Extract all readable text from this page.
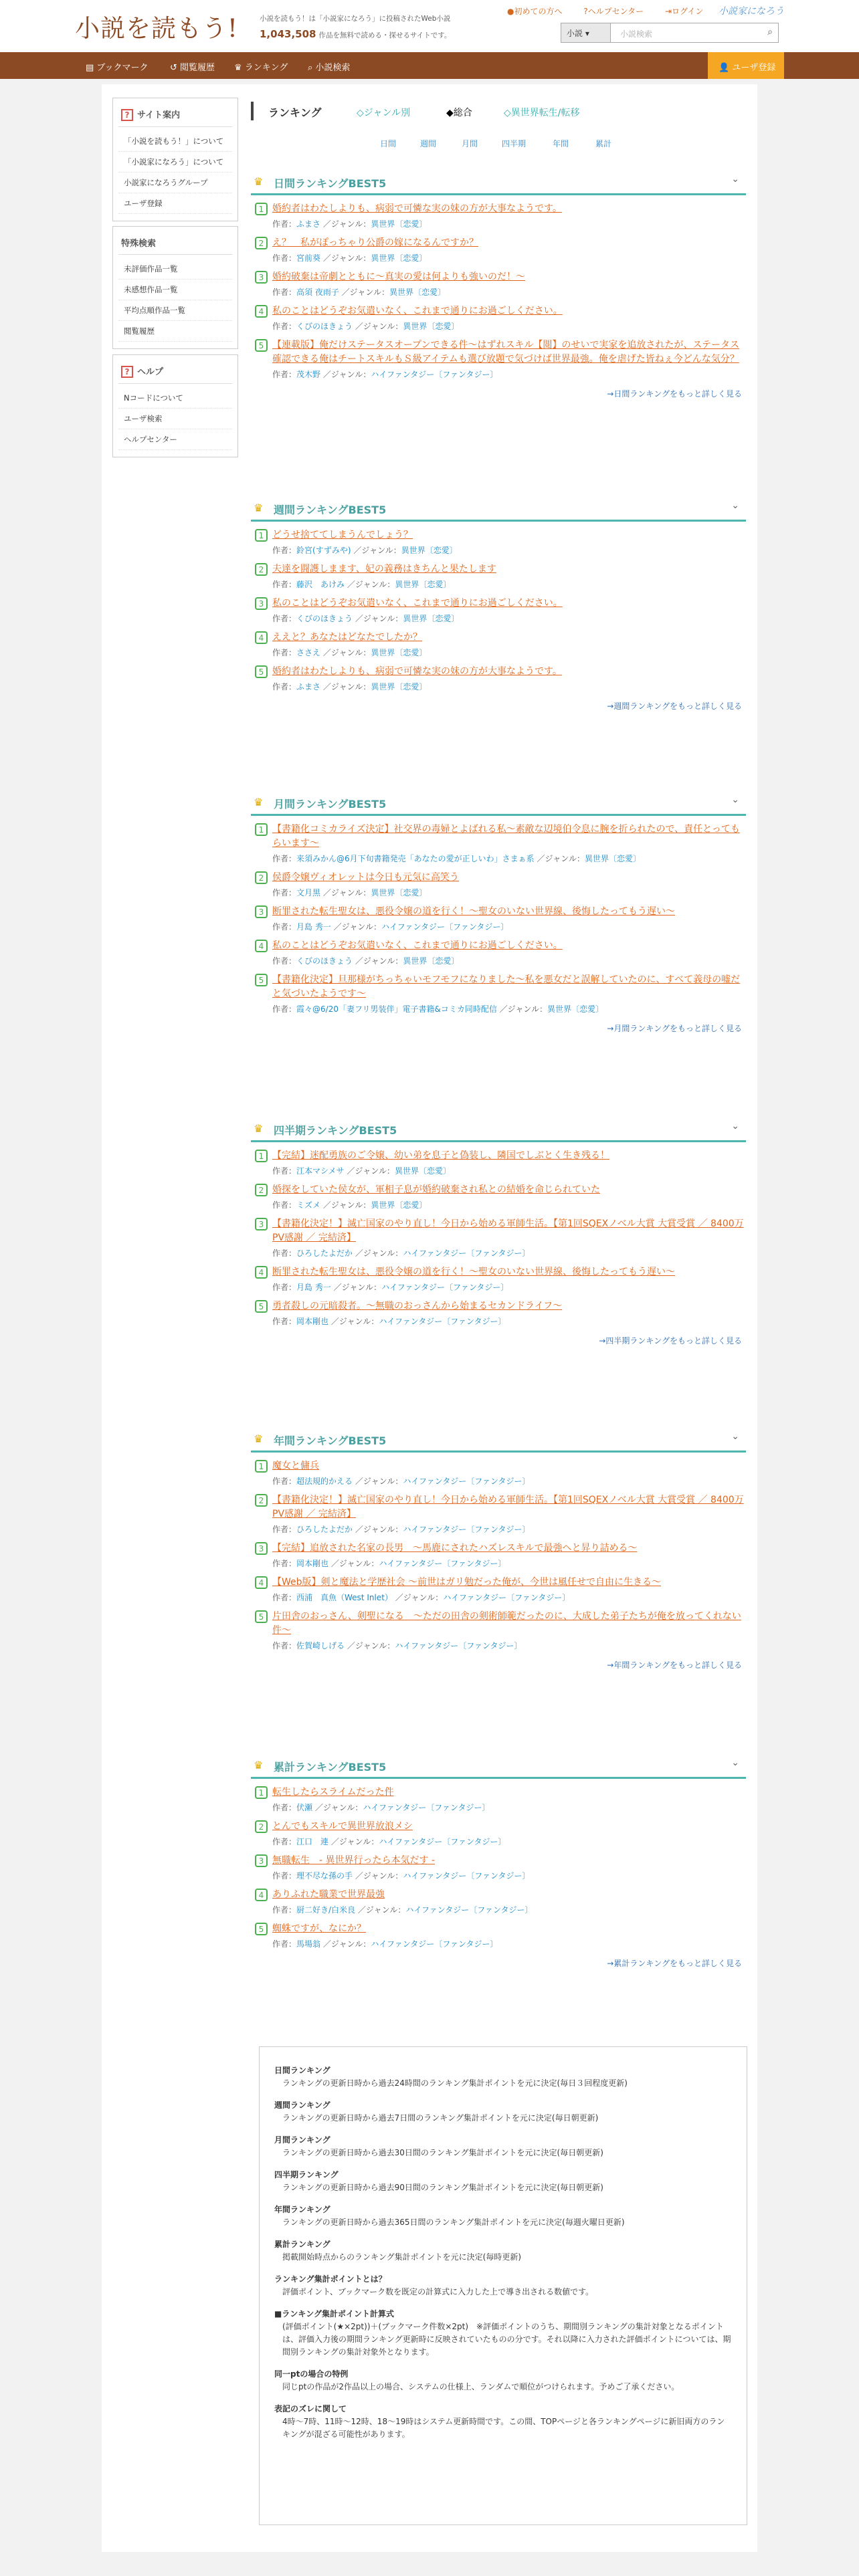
小説を読もう!	小説を読もう！は「小説家になろう」に投稿されたWeb小説
1,043,508 作品を無料で読める・探せるサイトです。
●初めての方へ	?ヘルプセンター	⇥ログイン	小説家になろう
小説 ▾	小説検索	⌕
▤ ブックマーク ↺ 閲覧履歴 ♛ ランキング ⌕ 小説検索	👤 ユーザ登録
? サイト案内
「小説を読もう！」について
「小説家になろう」について
小説家になろうグループ
ユーザ登録
特殊検索
未評価作品一覧
未感想作品一覧
平均点順作品一覧
閲覧履歴
? ヘルプ
Nコードについて
ユーザ検索
ヘルプセンター
ランキング	◇ジャンル別	◆総合	◇異世界転生/転移
日間	週間	月間	四半期	年間	累計
♛ 日間ランキングBEST5	⌄
1 婚約者はわたしよりも、病弱で可憐な実の妹の方が大事なようです。
作者：ふまさ ／ジャンル：異世界〔恋愛〕
2 え？　私がぽっちゃり公爵の嫁になるんですか？
作者：宮前葵 ／ジャンル：異世界〔恋愛〕
3 婚約破棄は帝劇とともに〜真実の愛は何よりも強いのだ！〜
作者：高須 夜雨子 ／ジャンル：異世界〔恋愛〕
4 私のことはどうぞお気遣いなく、これまで通りにお過ごしください。
作者：くびのほきょう ／ジャンル：異世界〔恋愛〕
5 【連載版】俺だけステータスオープンできる件〜はずれスキル【閲】のせいで実家を追放されたが、ステータス確認できる俺はチートスキルもＳ級アイテムも選び放題で気づけば世界最強。俺を虐げた皆ねぇ今どんな気分？
作者：茂木野 ／ジャンル：ハイファンタジー〔ファンタジー〕
→日間ランキングをもっと詳しく見る
♛ 週間ランキングBEST5	⌄
1 どうせ捨ててしまうんでしょう？
作者：鈴宮(すずみや) ／ジャンル：異世界〔恋愛〕
2 夫達を闘護しまます、妃の義務はきちんと果たします
作者：藤沢　あけみ ／ジャンル：異世界〔恋愛〕
3 私のことはどうぞお気遣いなく、これまで通りにお過ごしください。
作者：くびのほきょう ／ジャンル：異世界〔恋愛〕
4 ええと？あなたはどなたでしたか？
作者：ささえ ／ジャンル：異世界〔恋愛〕
5 婚約者はわたしよりも、病弱で可憐な実の妹の方が大事なようです。
作者：ふまさ ／ジャンル：異世界〔恋愛〕
→週間ランキングをもっと詳しく見る
♛ 月間ランキングBEST5	⌄
1 【書籍化コミカライズ決定】社交界の毒婦とよばれる私〜素敵な辺境伯令息に腕を折られたので、責任とってもらいます〜
作者：来須みかん@6月下旬書籍発売「あなたの愛が正しいわ」さまぁ系 ／ジャンル：異世界〔恋愛〕
2 侯爵令嬢ヴィオレットは今日も元気に高笑う
作者：文月黒 ／ジャンル：異世界〔恋愛〕
3 断罪された転生聖女は、悪役令嬢の道を行く！〜聖女のいない世界線、後悔したってもう遅い〜
作者：月島 秀一 ／ジャンル：ハイファンタジー〔ファンタジー〕
4 私のことはどうぞお気遣いなく、これまで通りにお過ごしください。
作者：くびのほきょう ／ジャンル：異世界〔恋愛〕
5 【書籍化決定】旦那様がちっちゃいモフモフになりました〜私を悪女だと誤解していたのに、すべて義母の嘘だと気づいたようです〜
作者：霞々@6/20「妻フリ男装伴」電子書籍&コミカ同時配信 ／ジャンル：異世界〔恋愛〕
→月間ランキングをもっと詳しく見る
♛ 四半期ランキングBEST5	⌄
1 【完結】迷配勇族のご令嬢、幼い弟を息子と偽装し、隣国でしぶとく生き残る！
作者：江本マシメサ ／ジャンル：異世界〔恋愛〕
2 婚探をしていた侯女が、軍相子息が婚約破棄され私との結婚を命じられていた
作者：ミズメ ／ジャンル：異世界〔恋愛〕
3 【書籍化決定！】滅亡国家のやり直し！今日から始める軍師生活。【第1回SQEXノベル大賞 大賞受賞 ／ 8400万PV感謝 ／ 完結済】
作者：ひろしたよだか ／ジャンル：ハイファンタジー〔ファンタジー〕
4 断罪された転生聖女は、悪役令嬢の道を行く！〜聖女のいない世界線、後悔したってもう遅い〜
作者：月島 秀一 ／ジャンル：ハイファンタジー〔ファンタジー〕
5 勇者殺しの元暗殺者。〜無職のおっさんから始まるセカンドライフ〜
作者：岡本剛也 ／ジャンル：ハイファンタジー〔ファンタジー〕
→四半期ランキングをもっと詳しく見る
♛ 年間ランキングBEST5	⌄
1 魔女と傭兵
作者：超法規的かえる ／ジャンル：ハイファンタジー〔ファンタジー〕
2 【書籍化決定！】滅亡国家のやり直し！今日から始める軍師生活。【第1回SQEXノベル大賞 大賞受賞 ／ 8400万PV感謝 ／ 完結済】
作者：ひろしたよだか ／ジャンル：ハイファンタジー〔ファンタジー〕
3 【完結】追放された名家の長男　〜馬鹿にされたハズレスキルで最強へと昇り詰める〜
作者：岡本剛也 ／ジャンル：ハイファンタジー〔ファンタジー〕
4 【Web版】剣と魔法と学歴社会 〜前世はガリ勉だった俺が、今世は風任せで自由に生きる〜
作者：西浦　真魚（West Inlet） ／ジャンル：ハイファンタジー〔ファンタジー〕
5 片田舎のおっさん、剣聖になる　〜ただの田舎の剣術師範だったのに、大成した弟子たちが俺を放ってくれない件〜
作者：佐賀崎しげる ／ジャンル：ハイファンタジー〔ファンタジー〕
→年間ランキングをもっと詳しく見る
♛ 累計ランキングBEST5	⌄
1 転生したらスライムだった件
作者：伏瀬 ／ジャンル：ハイファンタジー〔ファンタジー〕
2 とんでもスキルで異世界放浪メシ
作者：江口　連 ／ジャンル：ハイファンタジー〔ファンタジー〕
3 無職転生　- 異世界行ったら本気だす -
作者：理不尽な孫の手 ／ジャンル：ハイファンタジー〔ファンタジー〕
4 ありふれた職業で世界最強
作者：厨二好き/白米良 ／ジャンル：ハイファンタジー〔ファンタジー〕
5 蜘蛛ですが、なにか？
作者：馬場翁 ／ジャンル：ハイファンタジー〔ファンタジー〕
→累計ランキングをもっと詳しく見る
日間ランキング
ランキングの更新日時から過去24時間のランキング集計ポイントを元に決定(毎日３回程度更新)
週間ランキング
ランキングの更新日時から過去7日間のランキング集計ポイントを元に決定(毎日朝更新)
月間ランキング
ランキングの更新日時から過去30日間のランキング集計ポイントを元に決定(毎日朝更新)
四半期ランキング
ランキングの更新日時から過去90日間のランキング集計ポイントを元に決定(毎日朝更新)
年間ランキング
ランキングの更新日時から過去365日間のランキング集計ポイントを元に決定(毎週火曜日更新)
累計ランキング
掲載開始時点からのランキング集計ポイントを元に決定(毎時更新)
ランキング集計ポイントとは？
評価ポイント、ブックマーク数を既定の計算式に入力した上で導き出される数値です。
■ランキング集計ポイント計算式
(評価ポイント(★×2pt))＋(ブックマーク件数×2pt)　※評価ポイントのうち、期間別ランキングの集計対象となるポイントは、評価入力後の期間ランキング更新時に反映されていたものの分です。それ以降に入力された評価ポイントについては、期間別ランキングの集計対象外となります。
同一ptの場合の特例
同じptの作品が2作品以上の場合、システムの仕様上、ランダムで順位がつけられます。予めご了承ください。
表記のズレに関して
4時〜7時、11時〜12時、18〜19時はシステム更新時間です。この間、TOPページと各ランキングページに新旧両方のランキングが混ざる可能性があります。
